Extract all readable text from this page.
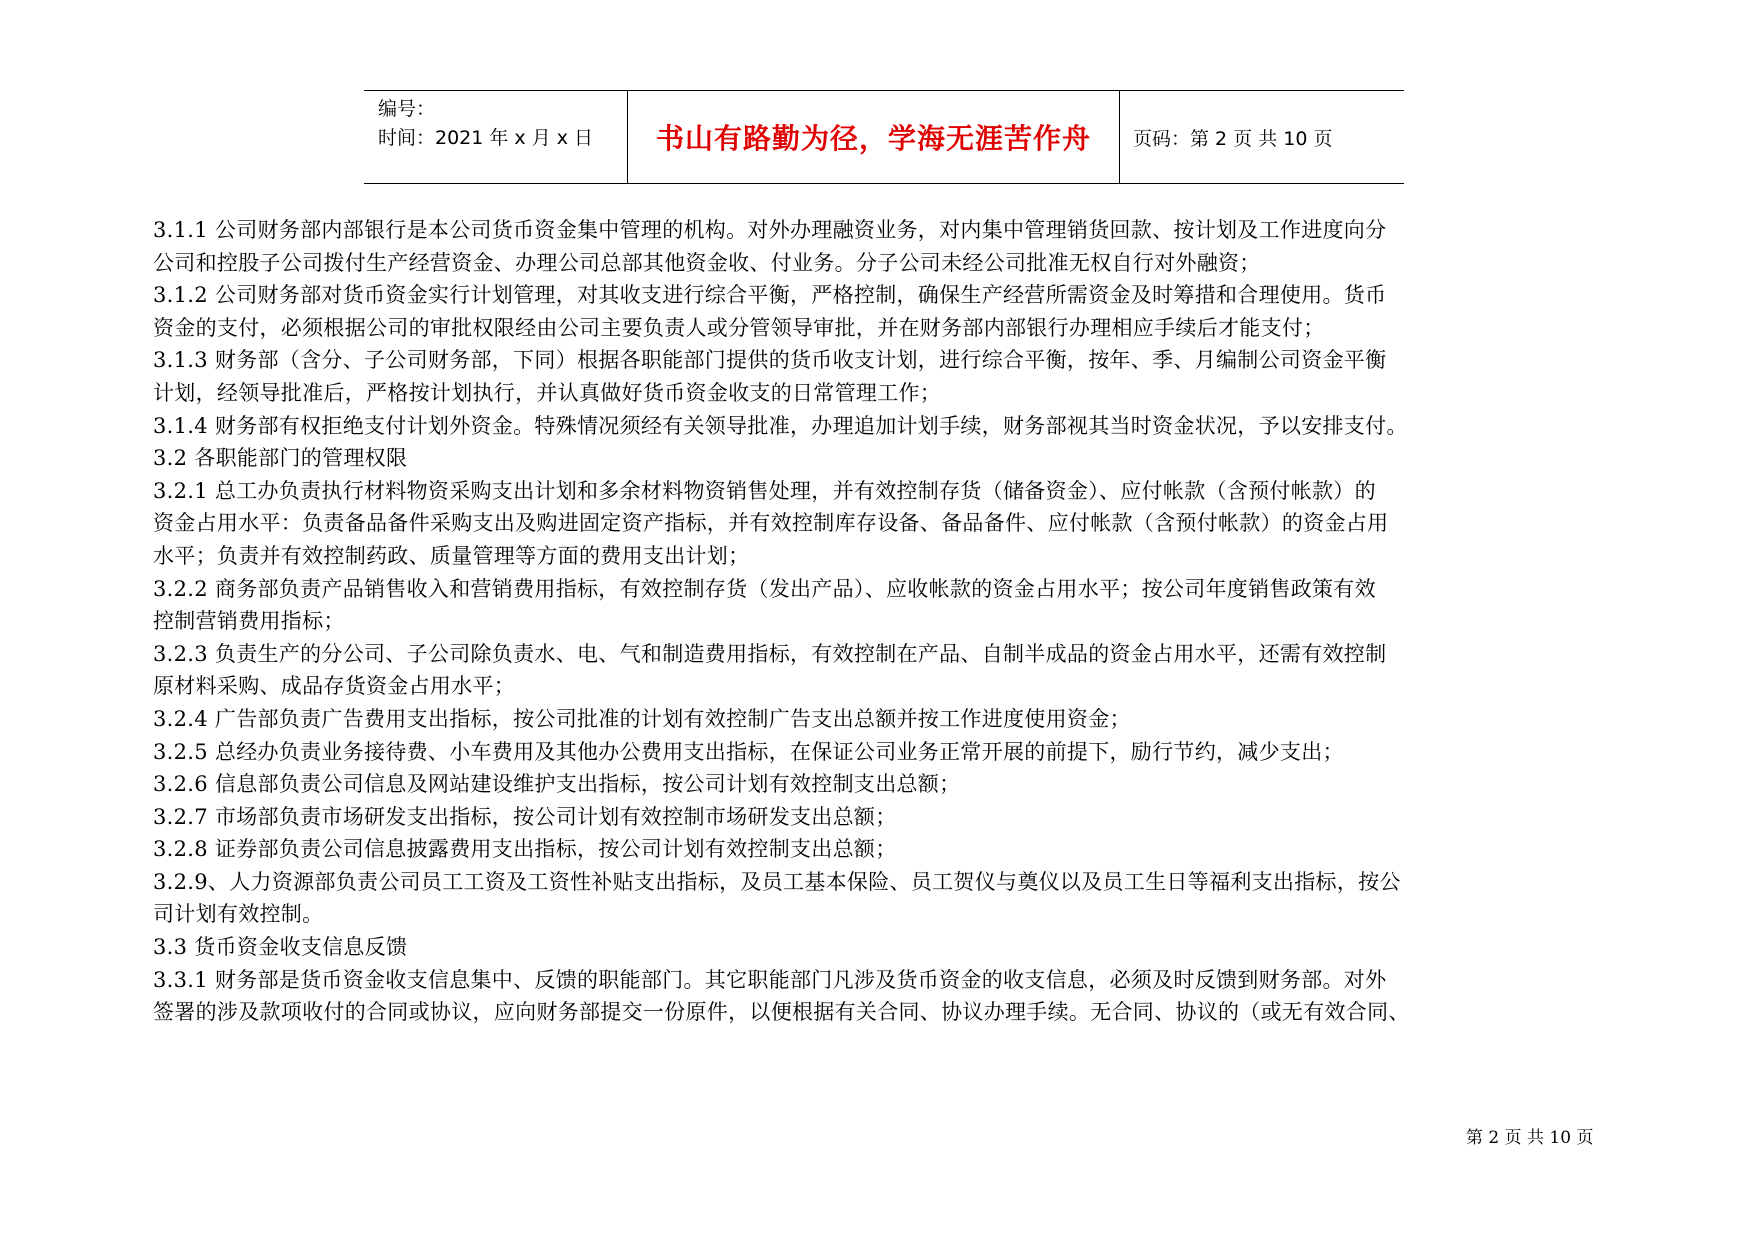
编号：
时间：2021 年 x 月 x 日	书山有路勤为径，学海无涯苦作舟	页码：第 2 页 共 10 页

3.1.1 公司财务部内部银行是本公司货币资金集中管理的机构。对外办理融资业务，对内集中管理销货回款、按计划及工作进度向分

公司和控股子公司拨付生产经营资金、办理公司总部其他资金收、付业务。分子公司未经公司批准无权自行对外融资；

3.1.2 公司财务部对货币资金实行计划管理，对其收支进行综合平衡，严格控制，确保生产经营所需资金及时筹措和合理使用。货币

资金的支付，必须根据公司的审批权限经由公司主要负责人或分管领导审批，并在财务部内部银行办理相应手续后才能支付；

3.1.3 财务部（含分、子公司财务部，下同）根据各职能部门提供的货币收支计划，进行综合平衡，按年、季、月编制公司资金平衡

计划，经领导批准后，严格按计划执行，并认真做好货币资金收支的日常管理工作；

3.1.4 财务部有权拒绝支付计划外资金。特殊情况须经有关领导批准，办理追加计划手续，财务部视其当时资金状况，予以安排支付。

3.2 各职能部门的管理权限

3.2.1 总工办负责执行材料物资采购支出计划和多余材料物资销售处理，并有效控制存货（储备资金）、应付帐款（含预付帐款）的

资金占用水平：负责备品备件采购支出及购进固定资产指标，并有效控制库存设备、备品备件、应付帐款（含预付帐款）的资金占用

水平；负责并有效控制药政、质量管理等方面的费用支出计划；

3.2.2 商务部负责产品销售收入和营销费用指标，有效控制存货（发出产品）、应收帐款的资金占用水平；按公司年度销售政策有效

控制营销费用指标；

3.2.3 负责生产的分公司、子公司除负责水、电、气和制造费用指标，有效控制在产品、自制半成品的资金占用水平，还需有效控制

原材料采购、成品存货资金占用水平；

3.2.4 广告部负责广告费用支出指标，按公司批准的计划有效控制广告支出总额并按工作进度使用资金；

3.2.5 总经办负责业务接待费、小车费用及其他办公费用支出指标，在保证公司业务正常开展的前提下，励行节约，减少支出；

3.2.6 信息部负责公司信息及网站建设维护支出指标，按公司计划有效控制支出总额；

3.2.7 市场部负责市场研发支出指标，按公司计划有效控制市场研发支出总额；

3.2.8 证券部负责公司信息披露费用支出指标，按公司计划有效控制支出总额；

3.2.9、人力资源部负责公司员工工资及工资性补贴支出指标，及员工基本保险、员工贺仪与奠仪以及员工生日等福利支出指标，按公

司计划有效控制。

3.3 货币资金收支信息反馈

3.3.1 财务部是货币资金收支信息集中、反馈的职能部门。其它职能部门凡涉及货币资金的收支信息，必须及时反馈到财务部。对外

签署的涉及款项收付的合同或协议，应向财务部提交一份原件，以便根据有关合同、协议办理手续。无合同、协议的（或无有效合同、

第 2 页 共 10 页
